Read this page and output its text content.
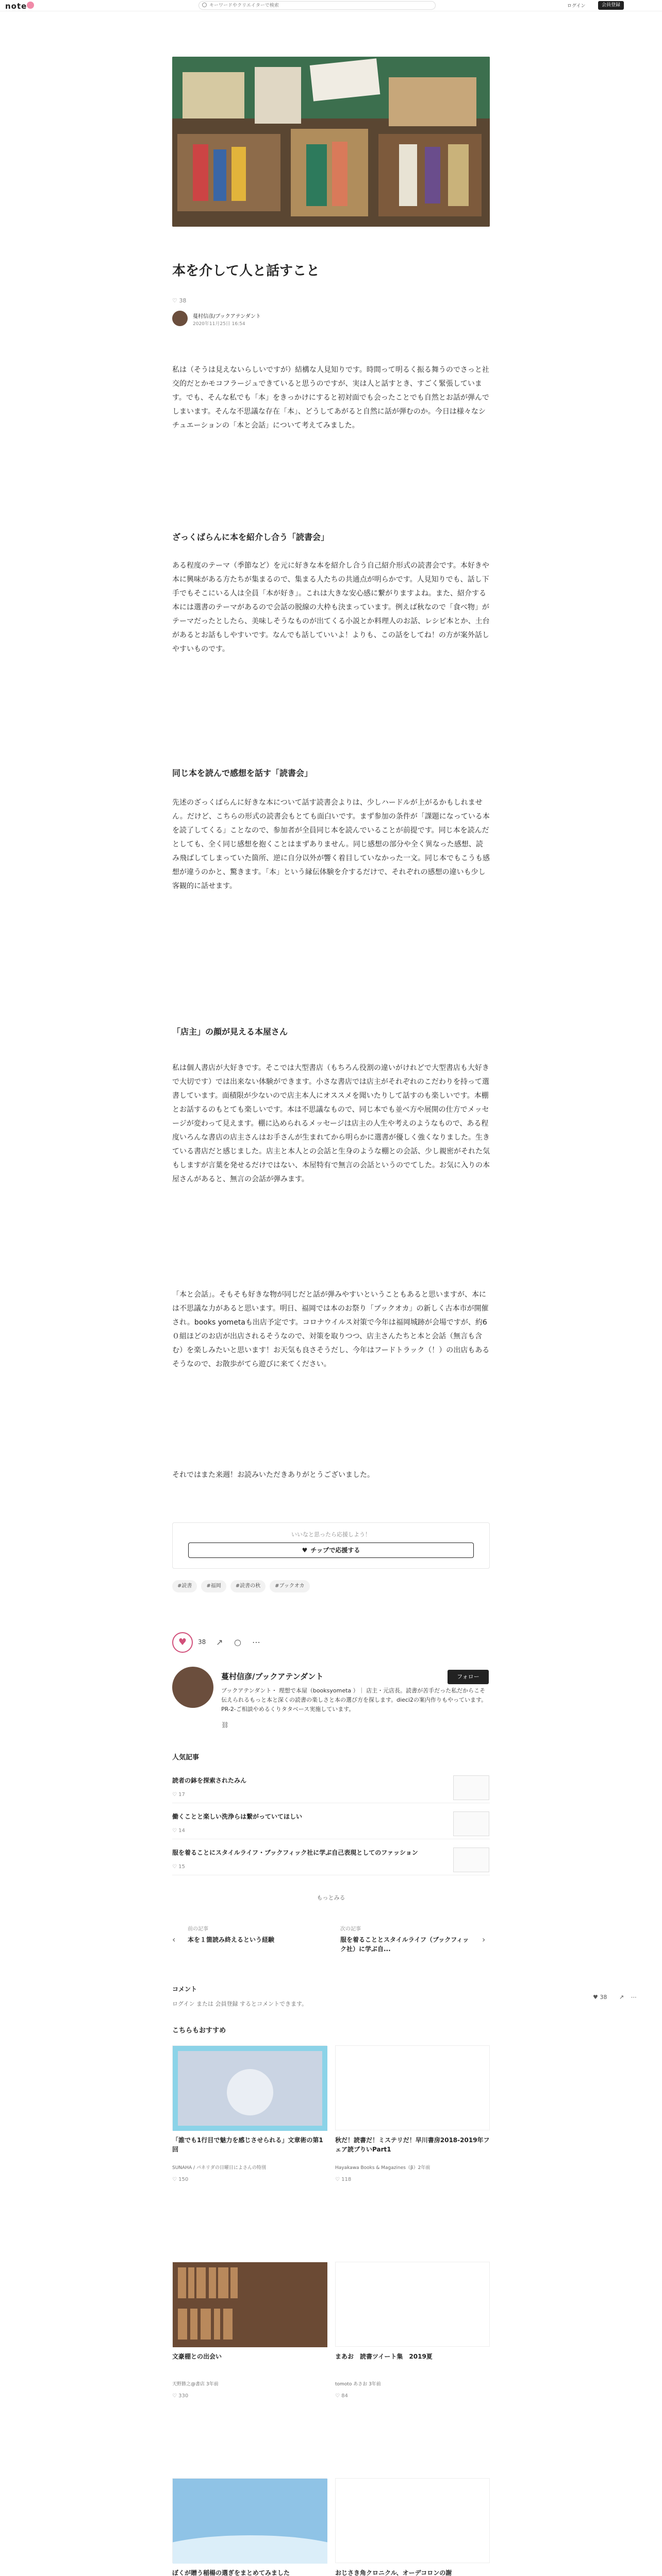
note
キーワードやクリエイターで検索	ログイン	会員登録
本を介して人と話すこと
♡ 38
蔓村信彦/ブックアテンダント
2020年11月25日 16:54
私は（そうは見えないらしいですが）結構な人見知りです。時間って明るく振る舞うのでさっと社交的だとかモコフラージュできていると思うのですが、実は人と話すとき、すごく緊張しています。でも、そんな私でも「本」をきっかけにすると初対面でも会ったことでも自然とお話が弾んでしまいます。そんな不思議な存在「本」、どうしてあがると自然に話が弾むのか。今日は様々なシチュエーションの「本と会話」について考えてみました。
ざっくばらんに本を紹介し合う「読書会」
ある程度のテーマ（季節など）を元に好きな本を紹介し合う自己紹介形式の読書会です。本好きや本に興味がある方たちが集まるので、集まる人たちの共通点が明らかです。人見知りでも、話し下手でもそこにいる人は全員「本が好き」。これは大きな安心感に繋がりますよね。また、紹介する本には選書のテーマがあるので会話の脱線の大枠も決まっています。例えば秋なので「食べ物」がテーマだったとしたら、美味しそうなものが出てくる小説とか料理人のお話、レシピ本とか、土台があるとお話もしやすいです。なんでも話していいよ！よりも、この話をしてね！の方が案外話しやすいものです。
同じ本を読んで感想を話す「読書会」
先述のざっくばらんに好きな本について話す読書会よりは、少しハードルが上がるかもしれません。だけど、こちらの形式の読書会もとても面白いです。まず参加の条件が「課題になっている本を読了してくる」ことなので、参加者が全員同じ本を読んでいることが前提です。同じ本を読んだとしても、全く同じ感想を抱くことはまずありません。同じ感想の部分や全く異なった感想、読み飛ばしてしまっていた箇所、逆に自分以外が響く着目していなかった一文。同じ本でもこうも感想が違うのかと、驚きます。「本」という縁伝体験を介するだけで、それぞれの感想の違いも少し客観的に話せます。
「店主」の顔が見える本屋さん
私は個人書店が大好きです。そこでは大型書店（もちろん役割の違いがけれどで大型書店も大好きで大切です）では出来ない体験ができます。小さな書店では店主がそれぞれのこだわりを持って選書しています。面積限が少ないので店主本人にオススメを聞いたりして話すのも楽しいです。本棚とお話するのもとても楽しいです。本は不思議なもので、同じ本でも並べ方や展開の仕方でメッセージが変わって見えます。棚に込められるメッセージは店主の人生や考えのようなもので、ある程度いろんな書店の店主さんはお手さんが生まれてから明らかに選書が優しく強くなりました。生きている書店だと感じました。店主と本人との会話と生身のような棚との会話、少し親密がそれた気もしますが言葉を発せるだけではない、本屋特有で無言の会話というのでてした。お気に入りの本屋さんがあると、無言の会話が弾みます。
「本と会話」。そもそも好きな物が同じだと話が弾みやすいということもあると思いますが、本には不思議な力があると思います。明日、福岡では本のお祭り「ブックオカ」の新しく古本市が開催され。books yometaも出店予定です。コロナウイルス対策で今年は福岡城跡が会場ですが、約6０組ほどのお店が出店されるそうなので、対策を取りつつ、店主さんたちと本と会話（無言も含む）を楽しみたいと思います！お天気も良さそうだし、今年はフードトラック（！）の出店もあるそうなので、お散歩がてら遊びに来てください。
それではまた来週！お読みいただきありがとうございました。
いいなと思ったら応援しよう！
♥ チップで応援する
#読書	#福岡	#読書の秋	#ブックオカ
♥	38 ↗ ○ ⋯
蔓村信彦/ブックアテンダント	フォロー
ブックアテンダント・ 理想で本屋（booksyometa ）｜ 店主・元店長。読書が苦手だった私だからこそ伝えられるもっと本と深くの読書の楽しさと本の選び方を探します。dieci2の案内作りもやっています。 PR-2-ご相談やめるくりタタベース実施しています。
⛓
人気記事
読者の鉢を探索されたみん
♡ 17
働くことと楽しい洗浄らは繋がっていてほしい
♡ 14
服を着ることにスタイルライフ・ブックフィック社に学ぶ自己表現としてのファッション
♡ 15
もっとみる
‹
前の記事
本を１箇読み終えるという経験
次の記事
服を着ることとスタイルライフ（ブックフィック社）に学ぶ自...
›
コメント
ログイン または 会員登録 するとコメントできます。
♥ 38 ↗ ⋯
こちらもおすすめ
「誰でも1行目で魅力を感じさせられる」文章術の第1回
SUNAHA / パネリダの日曜日によさんの特別
♡ 150
秋だ！読書だ！ミステリだ！早川書房2018-2019年フェア読ブりいPart1
Hayakawa Books & Magazines（β）2年前
♡ 118
文豪棚との出会い
天野勝之@書店 3年前
♡ 330
まあお　読書ツイート集　2019夏
tomoto あさお 3年前
♡ 84
ぼくが贈う稲楊の選ぎをまとめてみました	おじさき角クロニクル、オーデコロンの謝
